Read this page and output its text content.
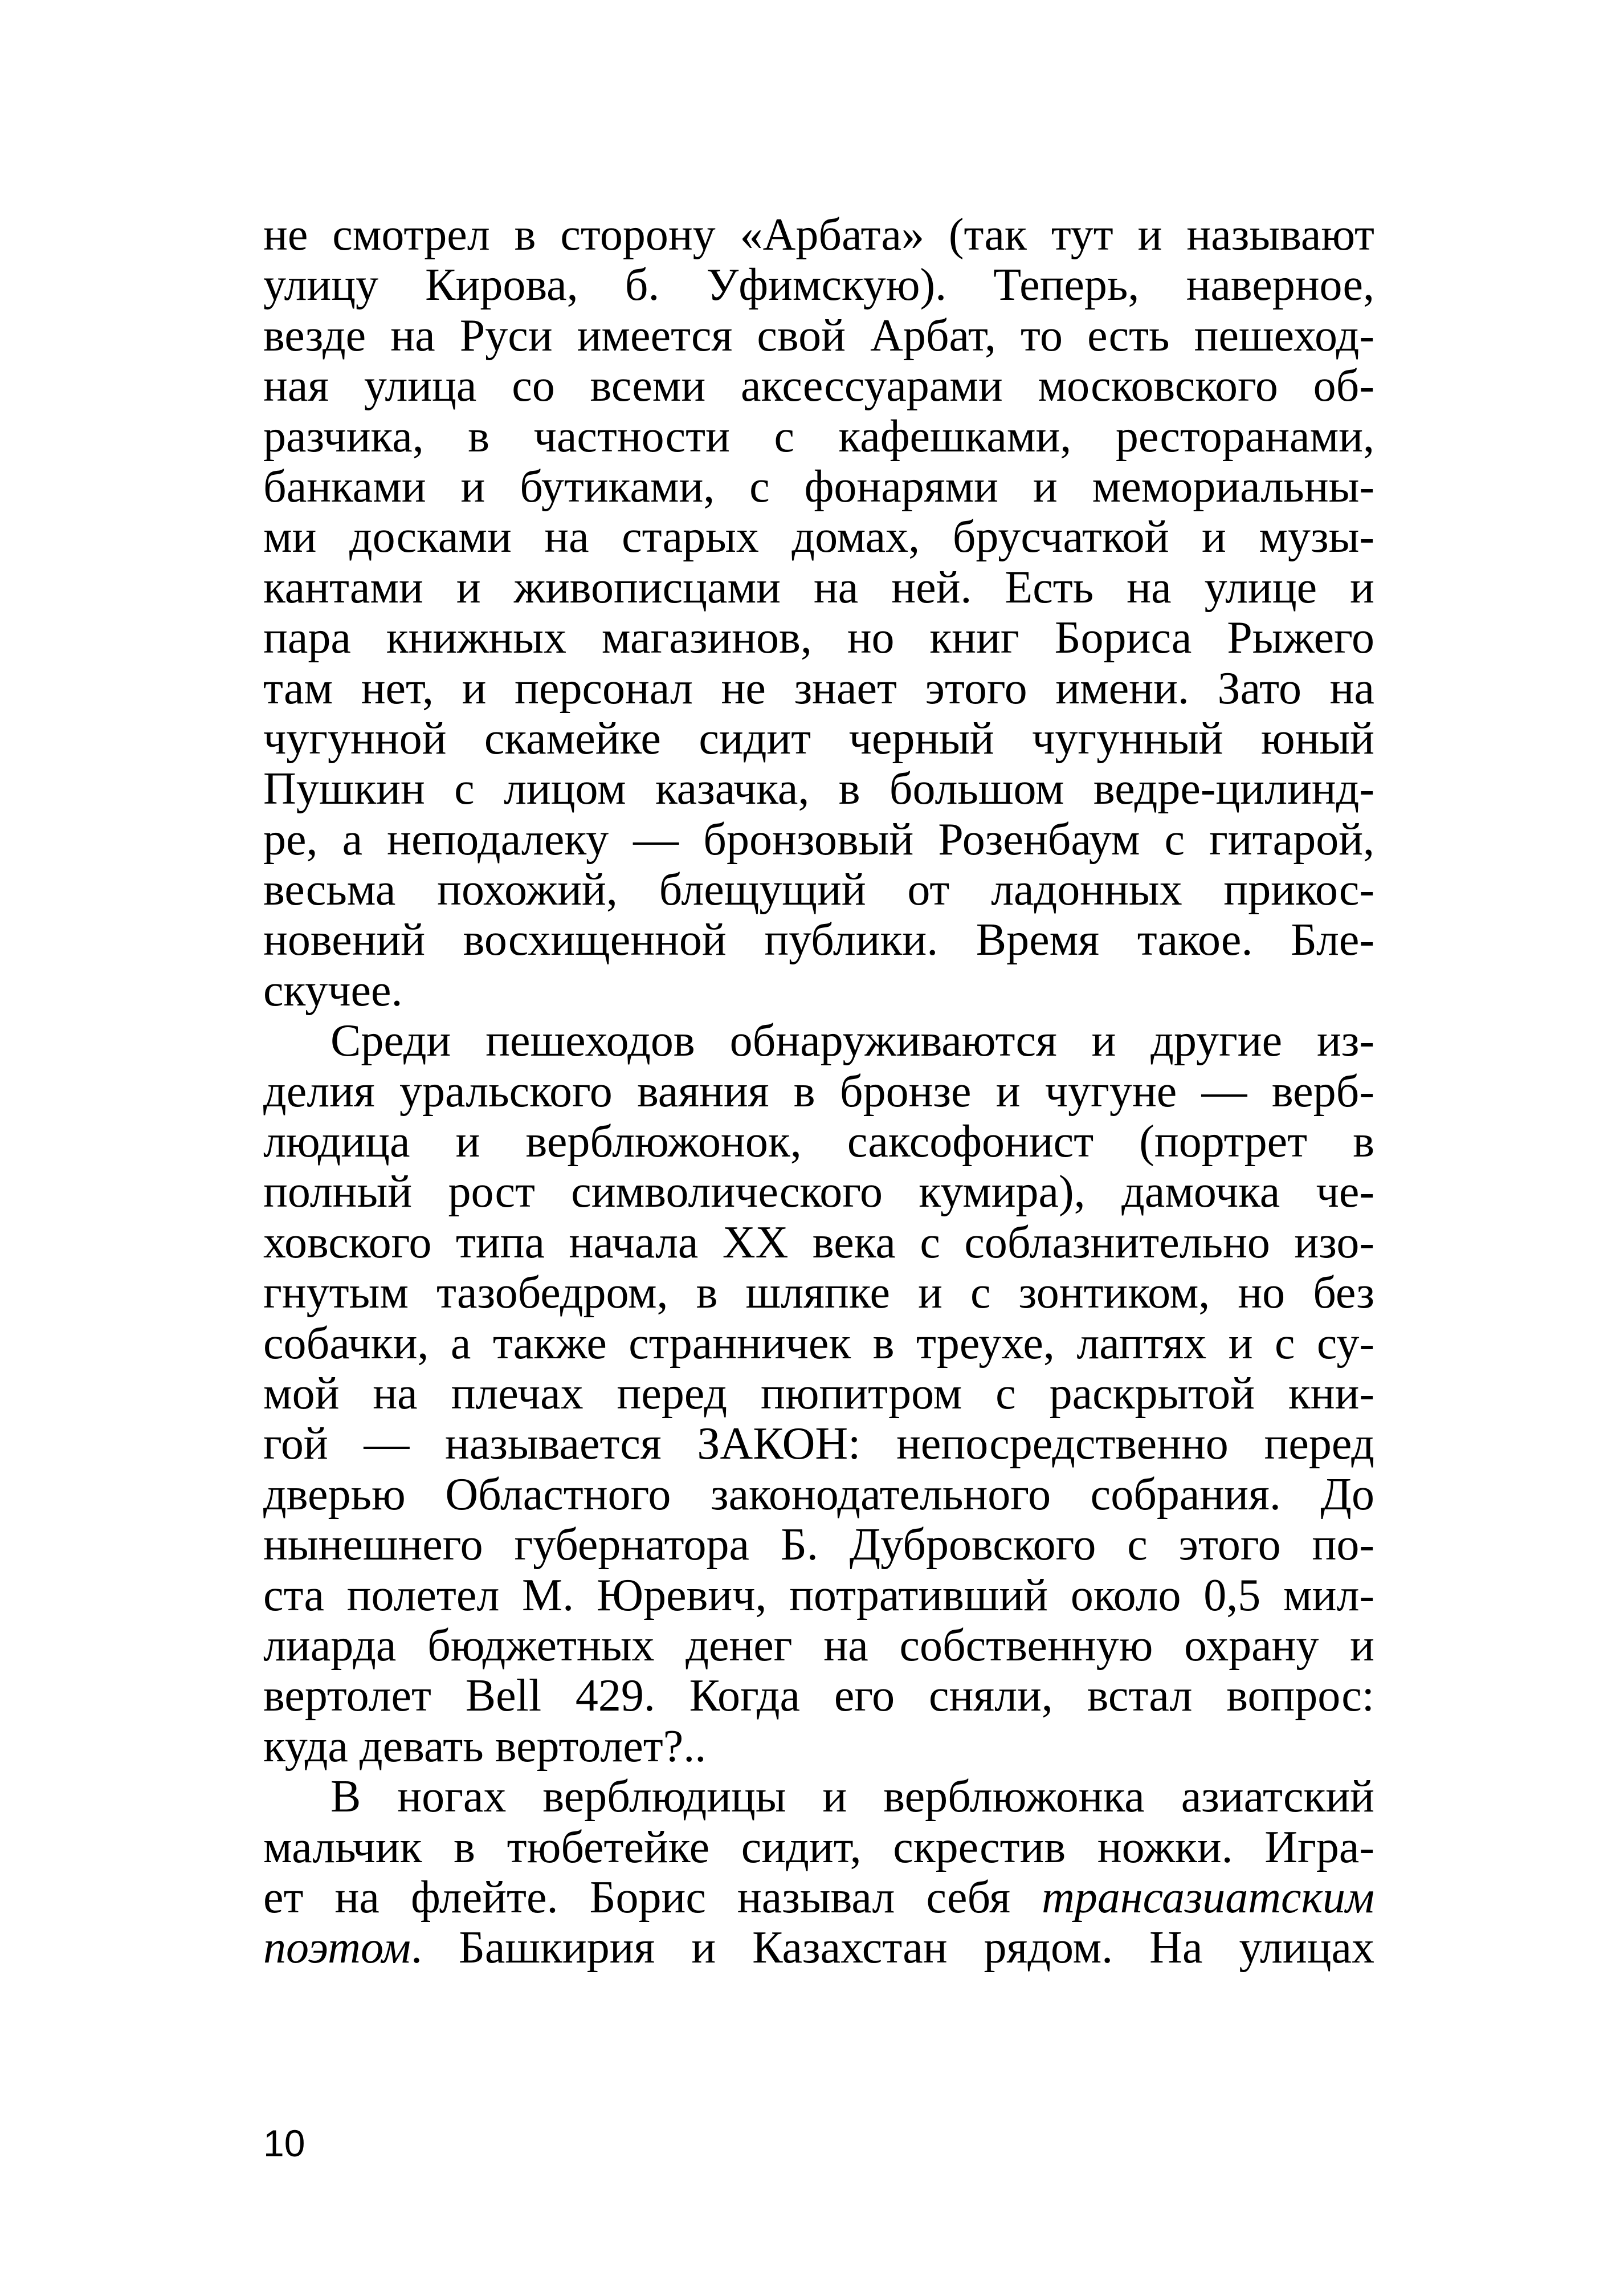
не смотрел в сторону «Арбата» (так тут и называют
улицу Кирова, б. Уфимскую). Теперь, наверное,
везде на Руси имеется свой Арбат, то есть пешеход-
ная улица со всеми аксессуарами московского об-
разчика, в частности с кафешками, ресторанами,
банками и бутиками, с фонарями и мемориальны-
ми досками на старых домах, брусчаткой и музы-
кантами и живописцами на ней. Есть на улице и
пара книжных магазинов, но книг Бориса Рыжего
там нет, и персонал не знает этого имени. Зато на
чугунной скамейке сидит черный чугунный юный
Пушкин с лицом казачка, в большом ведре-цилинд-
ре, а неподалеку — бронзовый Розенбаум с гитарой,
весьма похожий, блещущий от ладонных прикос-
новений восхищенной публики. Время такое. Бле-
скучее.
Среди пешеходов обнаруживаются и другие из-
делия уральского ваяния в бронзе и чугуне — верб-
людица и верблюжонок, саксофонист (портрет в
полный рост символического кумира), дамочка че-
ховского типа начала XX века с соблазнительно изо-
гнутым тазобедром, в шляпке и с зонтиком, но без
собачки, а также странничек в треухе, лаптях и с су-
мой на плечах перед пюпитром с раскрытой кни-
гой — называется ЗАКОН: непосредственно перед
дверью Областного законодательного собрания. До
нынешнего губернатора Б. Дубровского с этого по-
ста полетел М. Юревич, потративший около 0,5 мил-
лиарда бюджетных денег на собственную охрану и
вертолет Bell 429. Когда его сняли, встал вопрос:
куда девать вертолет?..
В ногах верблюдицы и верблюжонка азиатский
мальчик в тюбетейке сидит, скрестив ножки. Игра-
ет на флейте. Борис называл себя трансазиатским
поэтом. Башкирия и Казахстан рядом. На улицах
10
